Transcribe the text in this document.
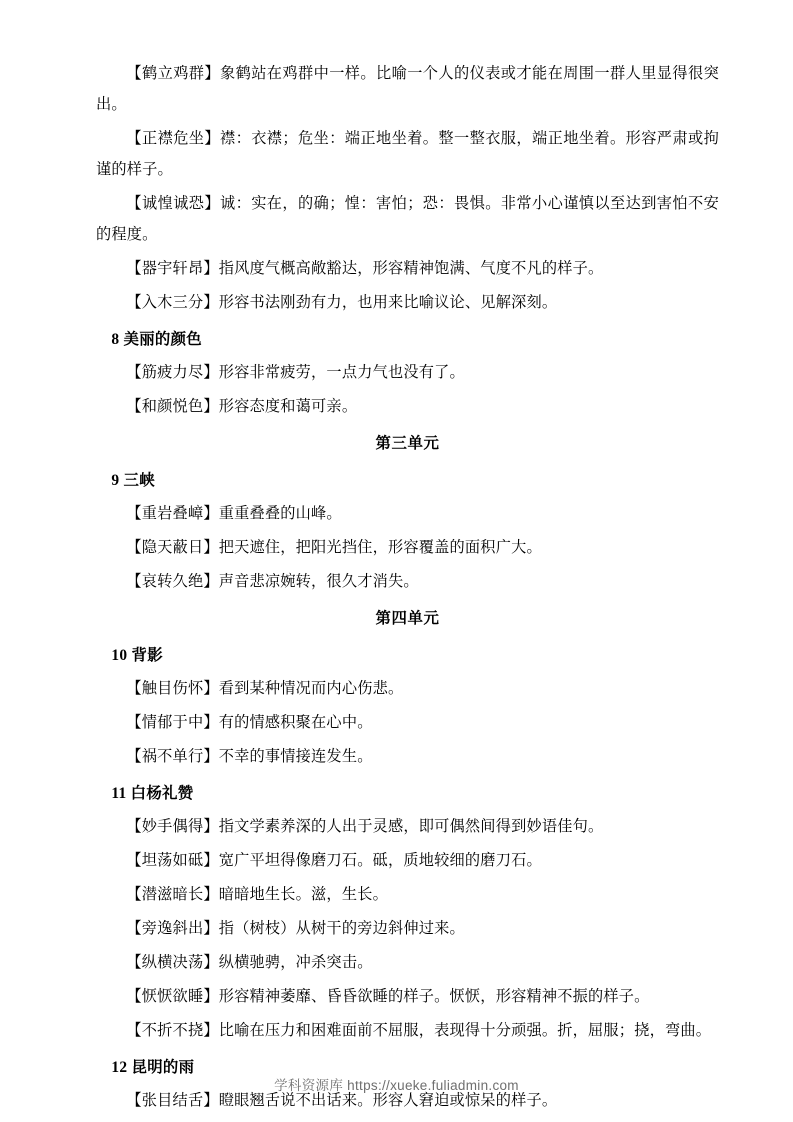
【鹤立鸡群】象鹤站在鸡群中一样。比喻一个人的仪表或才能在周围一群人里显得很突出。
【正襟危坐】襟：衣襟；危坐：端正地坐着。整一整衣服，端正地坐着。形容严肃或拘谨的样子。
【诚惶诚恐】诚：实在，的确；惶：害怕；恐：畏惧。非常小心谨慎以至达到害怕不安的程度。
【器宇轩昂】指风度气概高敞豁达，形容精神饱满、气度不凡的样子。
【入木三分】形容书法刚劲有力，也用来比喻议论、见解深刻。
8 美丽的颜色
【筋疲力尽】形容非常疲劳，一点力气也没有了。
【和颜悦色】形容态度和蔼可亲。
第三单元
9 三峡
【重岩叠嶂】重重叠叠的山峰。
【隐天蔽日】把天遮住，把阳光挡住，形容覆盖的面积广大。
【哀转久绝】声音悲凉婉转，很久才消失。
第四单元
10 背影
【触目伤怀】看到某种情况而内心伤悲。
【情郁于中】有的情感积聚在心中。
【祸不单行】不幸的事情接连发生。
11 白杨礼赞
【妙手偶得】指文学素养深的人出于灵感，即可偶然间得到妙语佳句。
【坦荡如砥】宽广平坦得像磨刀石。砥，质地较细的磨刀石。
【潜滋暗长】暗暗地生长。滋，生长。
【旁逸斜出】指（树枝）从树干的旁边斜伸过来。
【纵横决荡】纵横驰骋，冲杀突击。
【恹恹欲睡】形容精神萎靡、昏昏欲睡的样子。恹恹，形容精神不振的样子。
【不折不挠】比喻在压力和困难面前不屈服，表现得十分顽强。折，屈服；挠，弯曲。
12 昆明的雨
【张目结舌】瞪眼翘舌说不出话来。形容人窘迫或惊呆的样子。
学科资源库 https://xueke.fuliadmin.com
